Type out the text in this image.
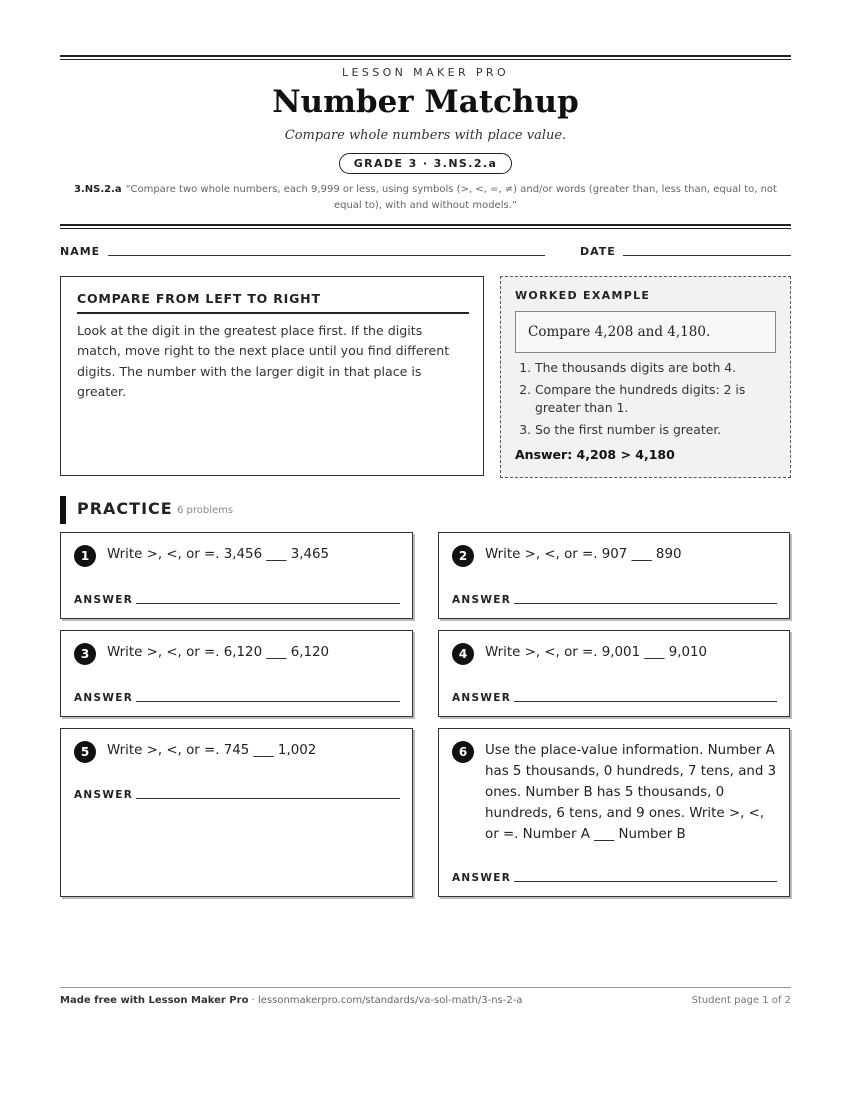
LESSON MAKER PRO
Number Matchup
Compare whole numbers with place value.
GRADE 3 · 3.NS.2.a
3.NS.2.a “Compare two whole numbers, each 9,999 or less, using symbols (>, <, =, ≠) and/or words (greater than, less than, equal to, not equal to), with and without models.”
NAME	DATE
COMPARE FROM LEFT TO RIGHT
Look at the digit in the greatest place first. If the digits match, move right to the next place until you find different digits. The number with the larger digit in that place is greater.
WORKED EXAMPLE
Compare 4,208 and 4,180.
1. The thousands digits are both 4.
2. Compare the hundreds digits: 2 is greater than 1.
3. So the first number is greater.
Answer: 4,208 > 4,180
PRACTICE 6 problems
1	Write >, <, or =. 3,456 ___ 3,465
ANSWER
2	Write >, <, or =. 907 ___ 890
ANSWER
3	Write >, <, or =. 6,120 ___ 6,120
ANSWER
4	Write >, <, or =. 9,001 ___ 9,010
ANSWER
5	Write >, <, or =. 745 ___ 1,002
ANSWER
6	Use the place-value information. Number A has 5 thousands, 0 hundreds, 7 tens, and 3 ones. Number B has 5 thousands, 0 hundreds, 6 tens, and 9 ones. Write >, <, or =. Number A ___ Number B
ANSWER
Made free with Lesson Maker Pro · lessonmakerpro.com/standards/va-sol-math/3-ns-2-a	Student page 1 of 2
